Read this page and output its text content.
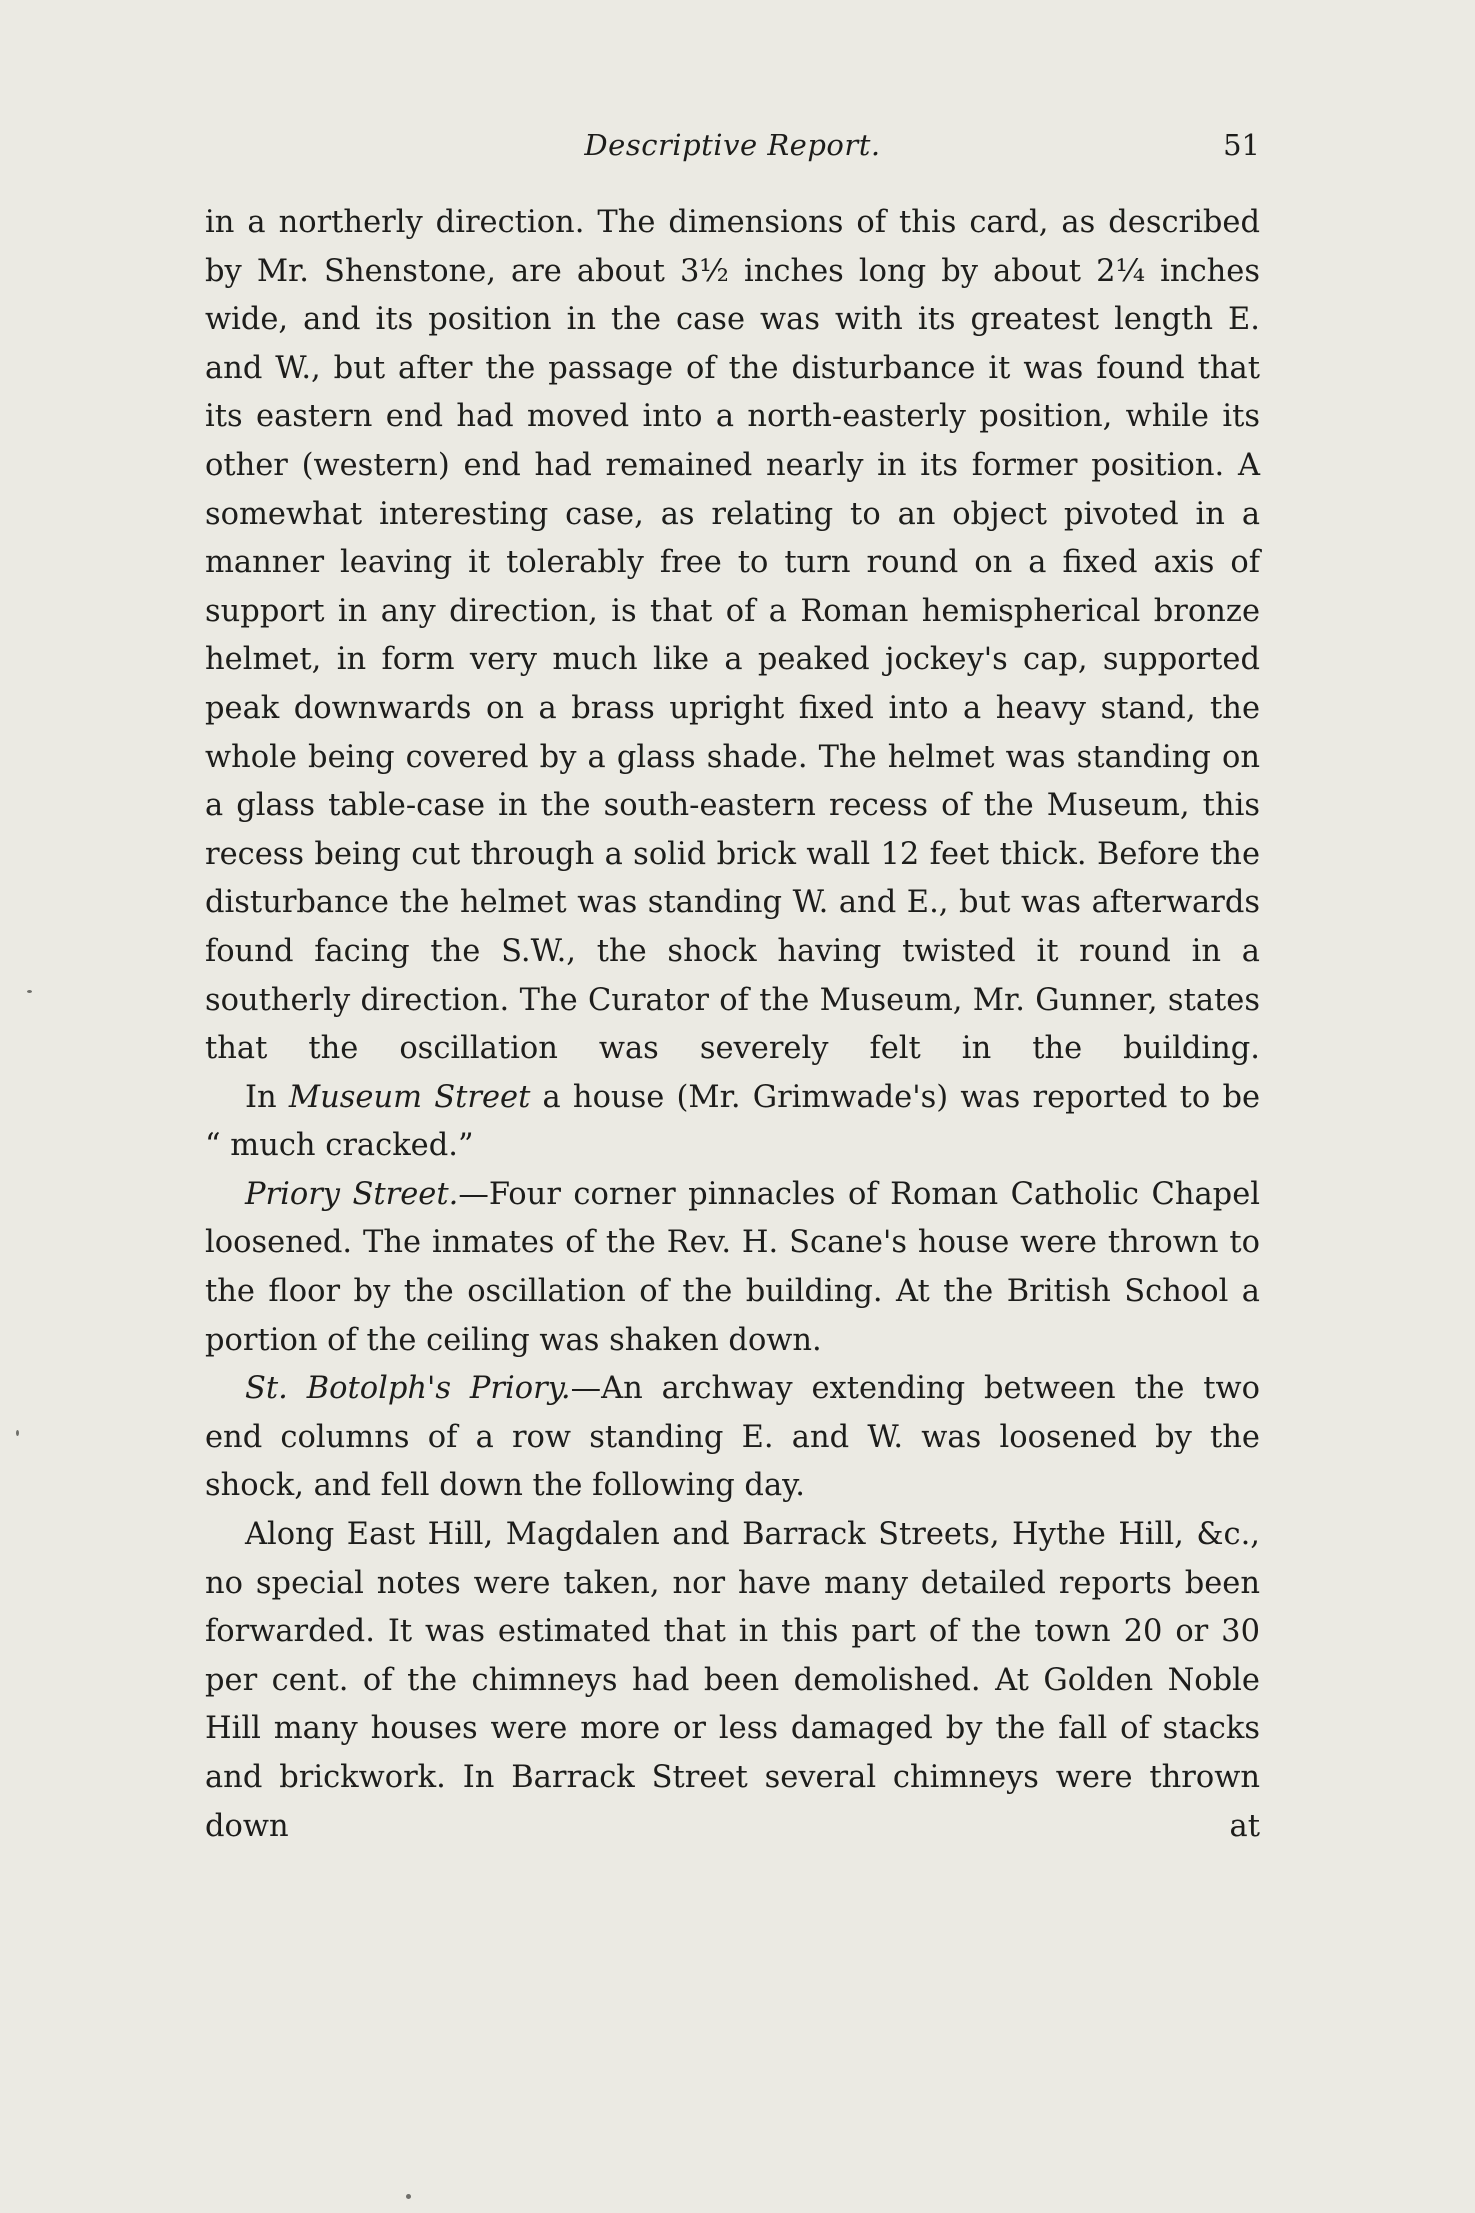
Descriptive Report.	51

in a northerly direction. The dimensions of this card, as described by Mr. Shenstone, are about 3½ inches long by about 2¼ inches wide, and its position in the case was with its greatest length E. and W., but after the passage of the disturbance it was found that its eastern end had moved into a north-easterly position, while its other (western) end had remained nearly in its former position. A somewhat interesting case, as relating to an object pivoted in a manner leaving it tolerably free to turn round on a fixed axis of support in any direction, is that of a Roman hemispherical bronze helmet, in form very much like a peaked jockey's cap, supported peak downwards on a brass upright fixed into a heavy stand, the whole being covered by a glass shade. The helmet was standing on a glass table-case in the south-eastern recess of the Museum, this recess being cut through a solid brick wall 12 feet thick. Before the disturbance the helmet was standing W. and E., but was afterwards found facing the S.W., the shock having twisted it round in a southerly direction. The Curator of the Museum, Mr. Gunner, states that the oscillation was severely felt in the building.

In Museum Street a house (Mr. Grimwade's) was reported to be “ much cracked.”

Priory Street.—Four corner pinnacles of Roman Catholic Chapel loosened. The inmates of the Rev. H. Scane's house were thrown to the floor by the oscillation of the building. At the British School a portion of the ceiling was shaken down.

St. Botolph's Priory.—An archway extending between the two end columns of a row standing E. and W. was loosened by the shock, and fell down the following day.

Along East Hill, Magdalen and Barrack Streets, Hythe Hill, &c., no special notes were taken, nor have many detailed reports been forwarded. It was estimated that in this part of the town 20 or 30 per cent. of the chimneys had been demolished. At Golden Noble Hill many houses were more or less damaged by the fall of stacks and brickwork. In Barrack Street several chimneys were thrown down at
